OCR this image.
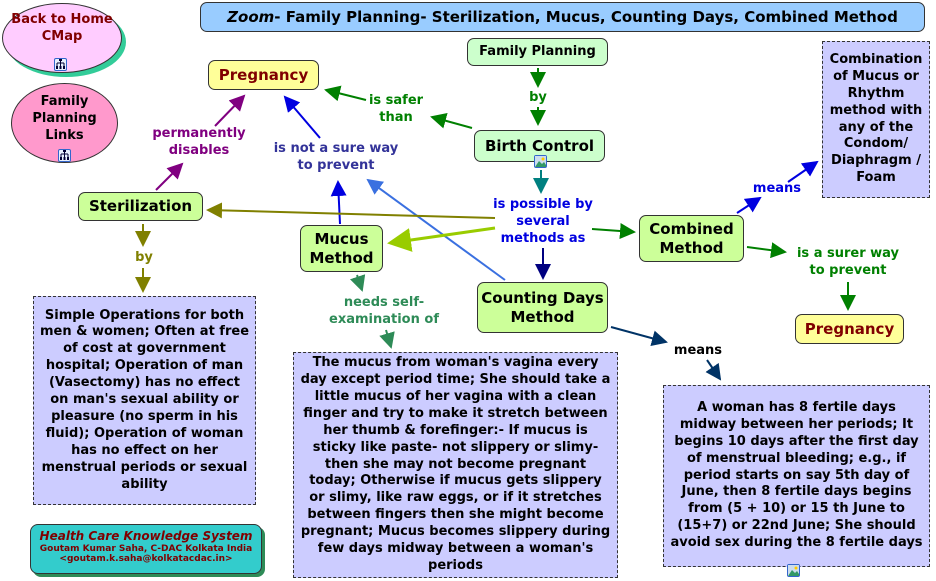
Zoom- Family Planning- Sterilization, Mucus, Counting Days, Combined Method
Back to Home CMap
Family Planning Links
Pregnancy
Family Planning
Birth Control
Sterilization
Mucus Method
Counting Days Method
Combined Method
Pregnancy
by
is safer than
permanently disables	is not a sure way to prevent
is possible by several methods as
means
is a surer way to prevent
by
needs self-examination of
means
Combination of Mucus or Rhythm method with any of the Condom/ Diaphragm / Foam
Simple Operations for both men & women; Often at free of cost at government hospital; Operation of man (Vasectomy) has no effect on man's sexual ability or pleasure (no sperm in his fluid); Operation of woman has no effect on her menstrual periods or sexual ability
The mucus from woman's vagina every day except period time; She should take a little mucus of her vagina with a clean finger and try to make it stretch between her thumb & forefinger:- If mucus is sticky like paste- not slippery or slimy- then she may not become pregnant today; Otherwise if mucus gets slippery or slimy, like raw eggs, or if it stretches between fingers then she might become pregnant; Mucus becomes slippery during few days midway between a woman's periods
A woman has 8 fertile days midway between her periods; It begins 10 days after the first day of menstrual bleeding; e.g., if period starts on say 5th day of June, then 8 fertile days begins from (5 + 10) or 15 th June to (15+7) or 22nd June; She should avoid sex during the 8 fertile days
Health Care Knowledge System
Goutam Kumar Saha, C-DAC Kolkata India
<goutam.k.saha@kolkatacdac.in>
